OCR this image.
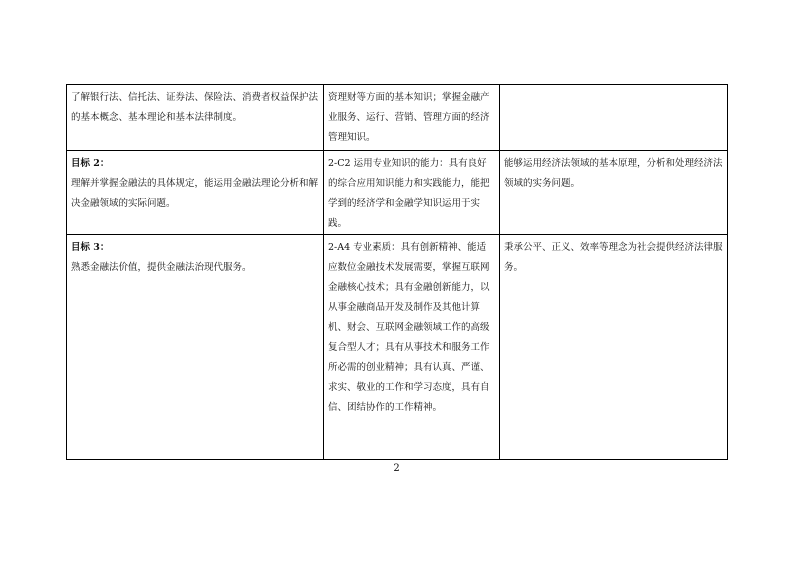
了解银行法、信托法、证券法、保险法、消费者权益保护法的基本概念、基本理论和基本法律制度。	资理财等方面的基本知识；掌握金融产业服务、运行、营销、管理方面的经济管理知识。	

目标 2：
理解并掌握金融法的具体规定，能运用金融法理论分析和解决金融领域的实际问题。	2-C2 运用专业知识的能力：具有良好的综合应用知识能力和实践能力，能把学到的经济学和金融学知识运用于实践。	能够运用经济法领域的基本原理，分析和处理经济法领域的实务问题。

目标 3：
熟悉金融法价值，提供金融法治现代服务。	2-A4 专业素质：具有创新精神、能适应数位金融技术发展需要，掌握互联网金融核心技术；具有金融创新能力，以从事金融商品开发及制作及其他计算机、财会、互联网金融领域工作的高级复合型人才；具有从事技术和服务工作所必需的创业精神；具有认真、严谨、求实、敬业的工作和学习态度，具有自信、团结协作的工作精神。	秉承公平、正义、效率等理念为社会提供经济法律服务。
2
